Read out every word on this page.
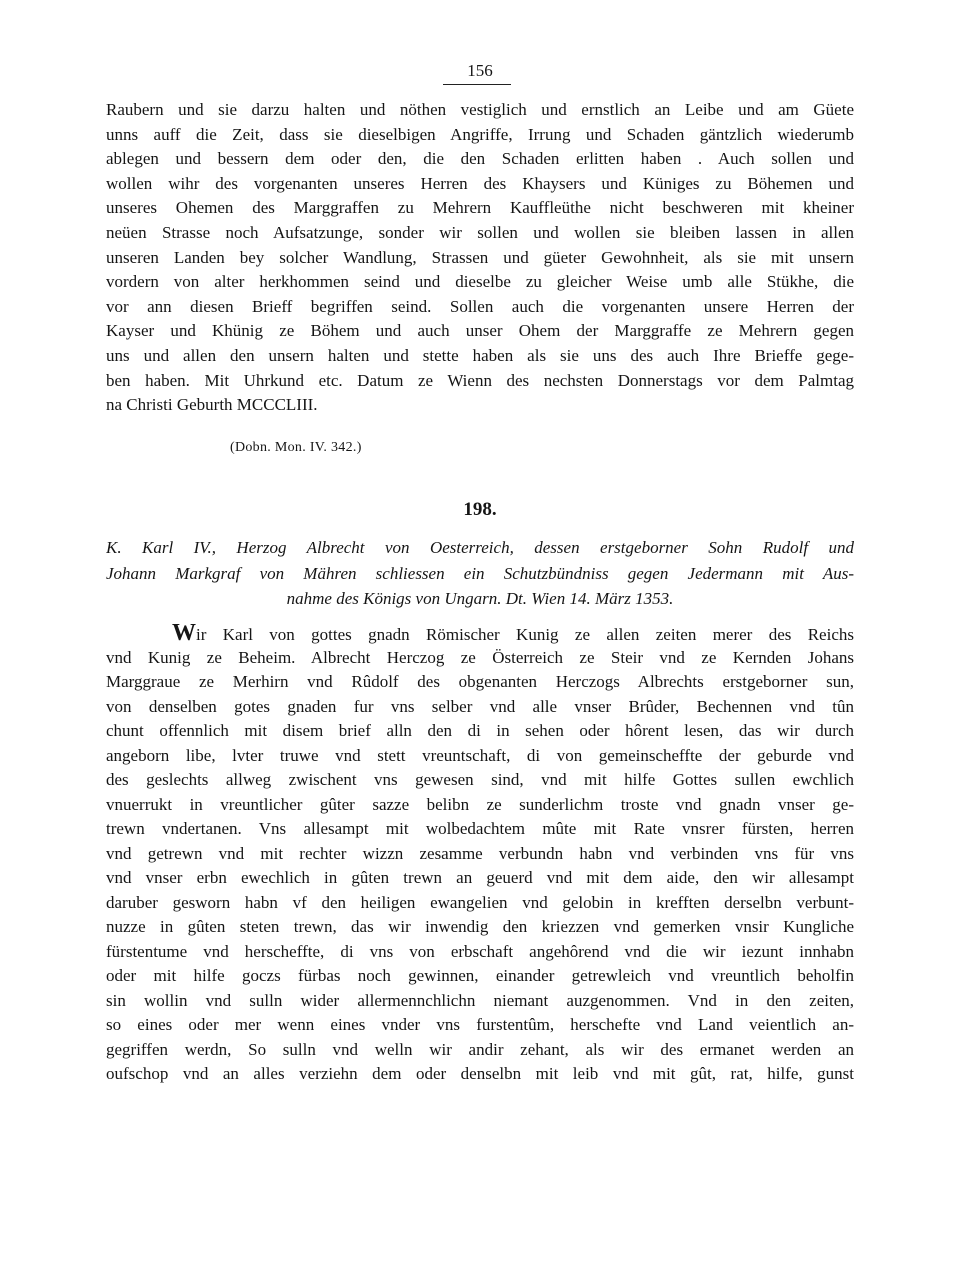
156
Raubern und sie darzu halten und nöthen vestiglich und ernstlich an Leibe und am Güete
unns auff die Zeit, dass sie dieselbigen Angriffe, Irrung und Schaden gäntzlich wiederumb
ablegen und bessern dem oder den, die den Schaden erlitten haben . Auch sollen und
wollen wihr des vorgenanten unseres Herren des Khaysers und Küniges zu Böhemen und
unseres Ohemen des Marggraffen zu Mehrern Kauffleüthe nicht beschweren mit kheiner
neüen Strasse noch Aufsatzunge, sonder wir sollen und wollen sie bleiben lassen in allen
unseren Landen bey solcher Wandlung, Strassen und güeter Gewohnheit, als sie mit unsern
vordern von alter herkhommen seind und dieselbe zu gleicher Weise umb alle Stükhe, die
vor ann diesen Brieff begriffen seind. Sollen auch die vorgenanten unsere Herren der
Kayser und Khünig ze Böhem und auch unser Ohem der Marggraffe ze Mehrern gegen
uns und allen den unsern halten und stette haben als sie uns des auch Ihre Brieffe gege-
ben haben. Mit Uhrkund etc. Datum ze Wienn des nechsten Donnerstags vor dem Palmtag
na Christi Geburth MCCCLIII.
(Dobn. Mon. IV. 342.)
198.
K. Karl IV., Herzog Albrecht von Oesterreich, dessen erstgeborner Sohn Rudolf und
Johann Markgraf von Mähren schliessen ein Schutzbündniss gegen Jedermann mit Aus-
nahme des Königs von Ungarn. Dt. Wien 14. März 1353.
Wir Karl von gottes gnadn Römischer Kunig ze allen zeiten merer des Reichs
vnd Kunig ze Beheim. Albrecht Herczog ze Österreich ze Steir vnd ze Kernden Johans
Marggraue ze Merhirn vnd Rûdolf des obgenanten Herczogs Albrechts erstgeborner sun,
von denselben gotes gnaden fur vns selber vnd alle vnser Brûder, Bechennen vnd tûn
chunt offennlich mit disem brief alln den di in sehen oder hôrent lesen, das wir durch
angeborn libe, lvter truwe vnd stett vreuntschaft, di von gemeinscheffte der geburde vnd
des geslechts allweg zwischent vns gewesen sind, vnd mit hilfe Gottes sullen ewchlich
vnuerrukt in vreuntlicher gûter sazze belibn ze sunderlichm troste vnd gnadn vnser ge-
trewn vndertanen. Vns allesampt mit wolbedachtem mûte mit Rate vnsrer fürsten, herren
vnd getrewn vnd mit rechter wizzn zesamme verbundn habn vnd verbinden vns für vns
vnd vnser erbn ewechlich in gûten trewn an geuerd vnd mit dem aide, den wir allesampt
daruber gesworn habn vf den heiligen ewangelien vnd gelobin in krefften derselbn verbunt-
nuzze in gûten steten trewn, das wir inwendig den kriezzen vnd gemerken vnsir Kungliche
fürstentume vnd herscheffte, di vns von erbschaft angehôrend vnd die wir iezunt innhabn
oder mit hilfe goczs fürbas noch gewinnen, einander getrewleich vnd vreuntlich beholfin
sin wollin vnd sulln wider allermennchlichn niemant auzgenommen. Vnd in den zeiten,
so eines oder mer wenn eines vnder vns furstentûm, herschefte vnd Land veientlich an-
gegriffen werdn, So sulln vnd welln wir andir zehant, als wir des ermanet werden an
oufschop vnd an alles verziehn dem oder denselbn mit leib vnd mit gût, rat, hilfe, gunst
